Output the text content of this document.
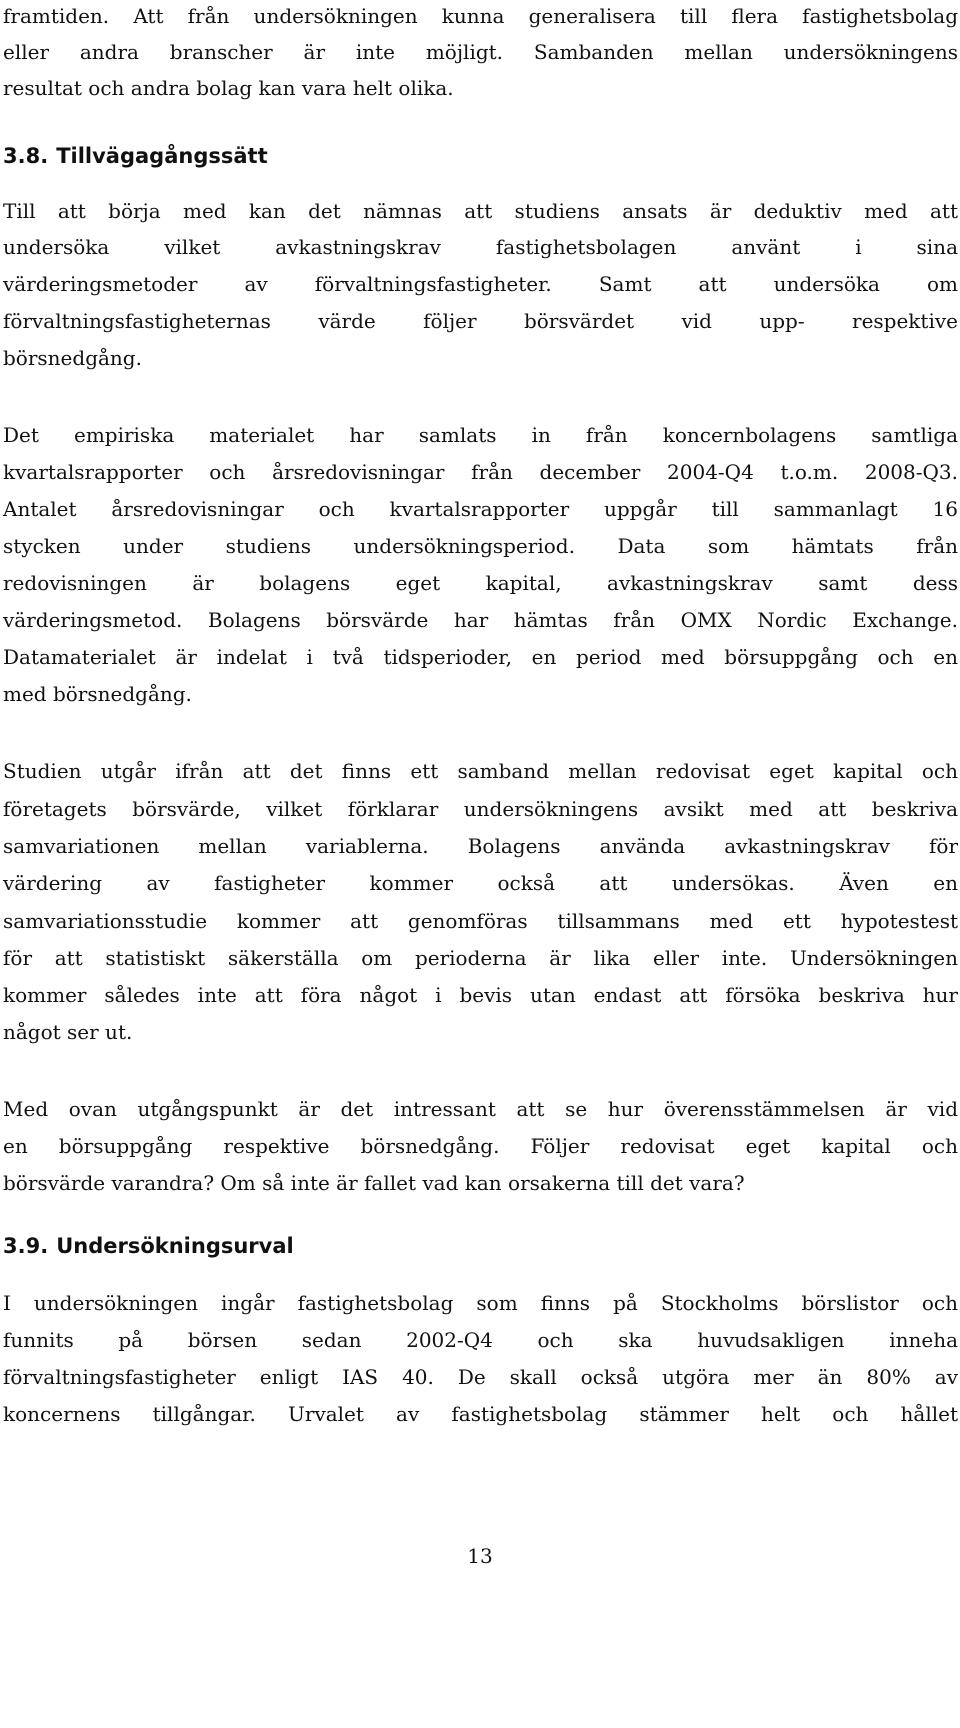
framtiden. Att från undersökningen kunna generalisera till flera fastighetsbolag
eller andra branscher är inte möjligt. Sambanden mellan undersökningens
resultat och andra bolag kan vara helt olika.
3.8. Tillvägagångssätt
Till att börja med kan det nämnas att studiens ansats är deduktiv med att
undersöka vilket avkastningskrav fastighetsbolagen använt i sina
värderingsmetoder av förvaltningsfastigheter. Samt att undersöka om
förvaltningsfastigheternas värde följer börsvärdet vid upp- respektive
börsnedgång.
Det empiriska materialet har samlats in från koncernbolagens samtliga
kvartalsrapporter och årsredovisningar från december 2004-Q4 t.o.m. 2008-Q3.
Antalet årsredovisningar och kvartalsrapporter uppgår till sammanlagt 16
stycken under studiens undersökningsperiod. Data som hämtats från
redovisningen är bolagens eget kapital, avkastningskrav samt dess
värderingsmetod. Bolagens börsvärde har hämtas från OMX Nordic Exchange.
Datamaterialet är indelat i två tidsperioder, en period med börsuppgång och en
med börsnedgång.
Studien utgår ifrån att det finns ett samband mellan redovisat eget kapital och
företagets börsvärde, vilket förklarar undersökningens avsikt med att beskriva
samvariationen mellan variablerna. Bolagens använda avkastningskrav för
värdering av fastigheter kommer också att undersökas. Även en
samvariationsstudie kommer att genomföras tillsammans med ett hypotestest
för att statistiskt säkerställa om perioderna är lika eller inte. Undersökningen
kommer således inte att föra något i bevis utan endast att försöka beskriva hur
något ser ut.
Med ovan utgångspunkt är det intressant att se hur överensstämmelsen är vid
en börsuppgång respektive börsnedgång. Följer redovisat eget kapital och
börsvärde varandra? Om så inte är fallet vad kan orsakerna till det vara?
3.9. Undersökningsurval
I undersökningen ingår fastighetsbolag som finns på Stockholms börslistor och
funnits på börsen sedan 2002-Q4 och ska huvudsakligen inneha
förvaltningsfastigheter enligt IAS 40. De skall också utgöra mer än 80% av
koncernens tillgångar. Urvalet av fastighetsbolag stämmer helt och hållet
13
